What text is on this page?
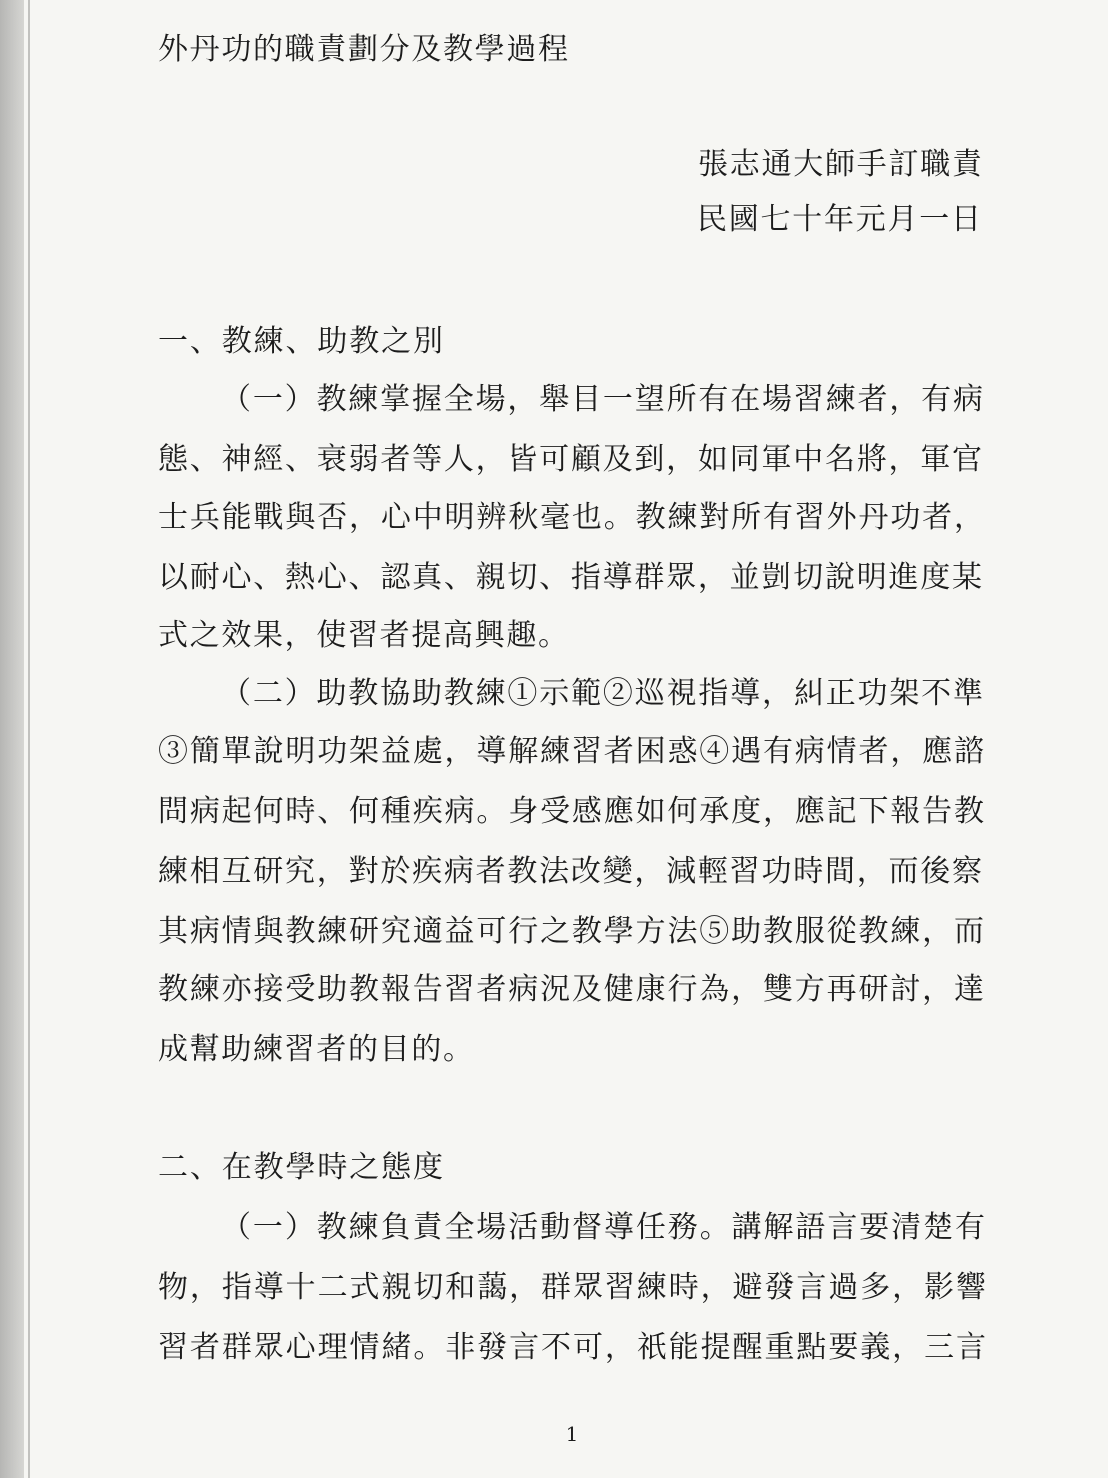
外丹功的職責劃分及教學過程
張志通大師手訂職責
民國七十年元月一日
一、教練、助教之別
（一）教練掌握全場，舉目一望所有在場習練者，有病
態、神經、衰弱者等人，皆可顧及到，如同軍中名將，軍官
士兵能戰與否，心中明辨秋毫也。教練對所有習外丹功者，
以耐心、熱心、認真、親切、指導群眾，並剴切說明進度某
式之效果，使習者提高興趣。
（二）助教協助教練①示範②巡視指導，糾正功架不準
③簡單說明功架益處，導解練習者困惑④遇有病情者，應諮
問病起何時、何種疾病。身受感應如何承度，應記下報告教
練相互研究，對於疾病者教法改變，減輕習功時間，而後察
其病情與教練研究適益可行之教學方法⑤助教服從教練，而
教練亦接受助教報告習者病況及健康行為，雙方再研討，達
成幫助練習者的目的。
二、在教學時之態度
（一）教練負責全場活動督導任務。講解語言要清楚有
物，指導十二式親切和藹，群眾習練時，避發言過多，影響
習者群眾心理情緒。非發言不可，祇能提醒重點要義，三言
1
